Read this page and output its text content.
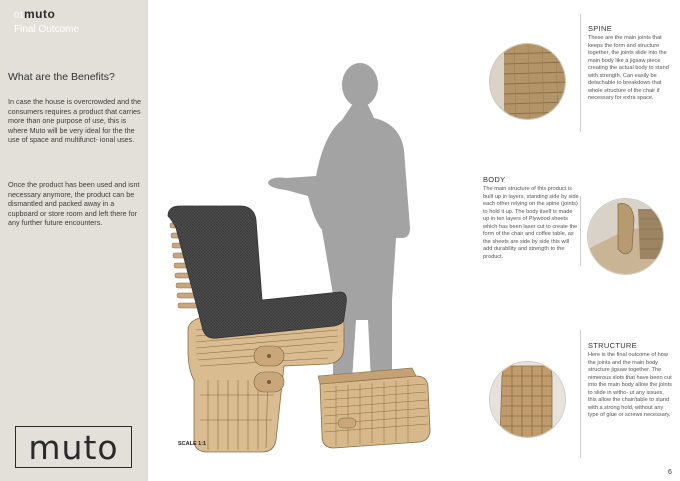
01muto
Final Outcome
What are the Benefits?
In case the house is overcrowded and the consumers requires a product that carries more than one purpose of use, this is where Muto will be very ideal for the the use of space and multifunct- ional uses.
Once the product has been used and isnt necessary anymore, the product can be dismantled and packed away in a cupboard or store room and left there for any further future encounters.
muto	SCALE 1:1
BODY
The main structure of this product is built up in layers, standing side by side each other relying on the spine (joints) to hold it up. The body itself is made up in ten layers of Plywood sheets which has been laser cut to create the form of the chair and coffee table, as the sheets are side by side this will add durability and strength to the product.
SPINE
These are the main joints that keeps the form and structure together, the joints slide into the main body like a jigsaw piece creating the actual body to stand with strength. Can easily be detachable to breakdown that whole structure of the chair if necessary for extra space.
STRUCTURE
Here is the final outcome of how the joints and the main body structure jigsaw together. The nimerous slots that have been cut into the main body allow the joints to slide in witho- ut any issues, this allow the chair/table to stand with a strong hold, without any type of glue or screws necessary.
6
